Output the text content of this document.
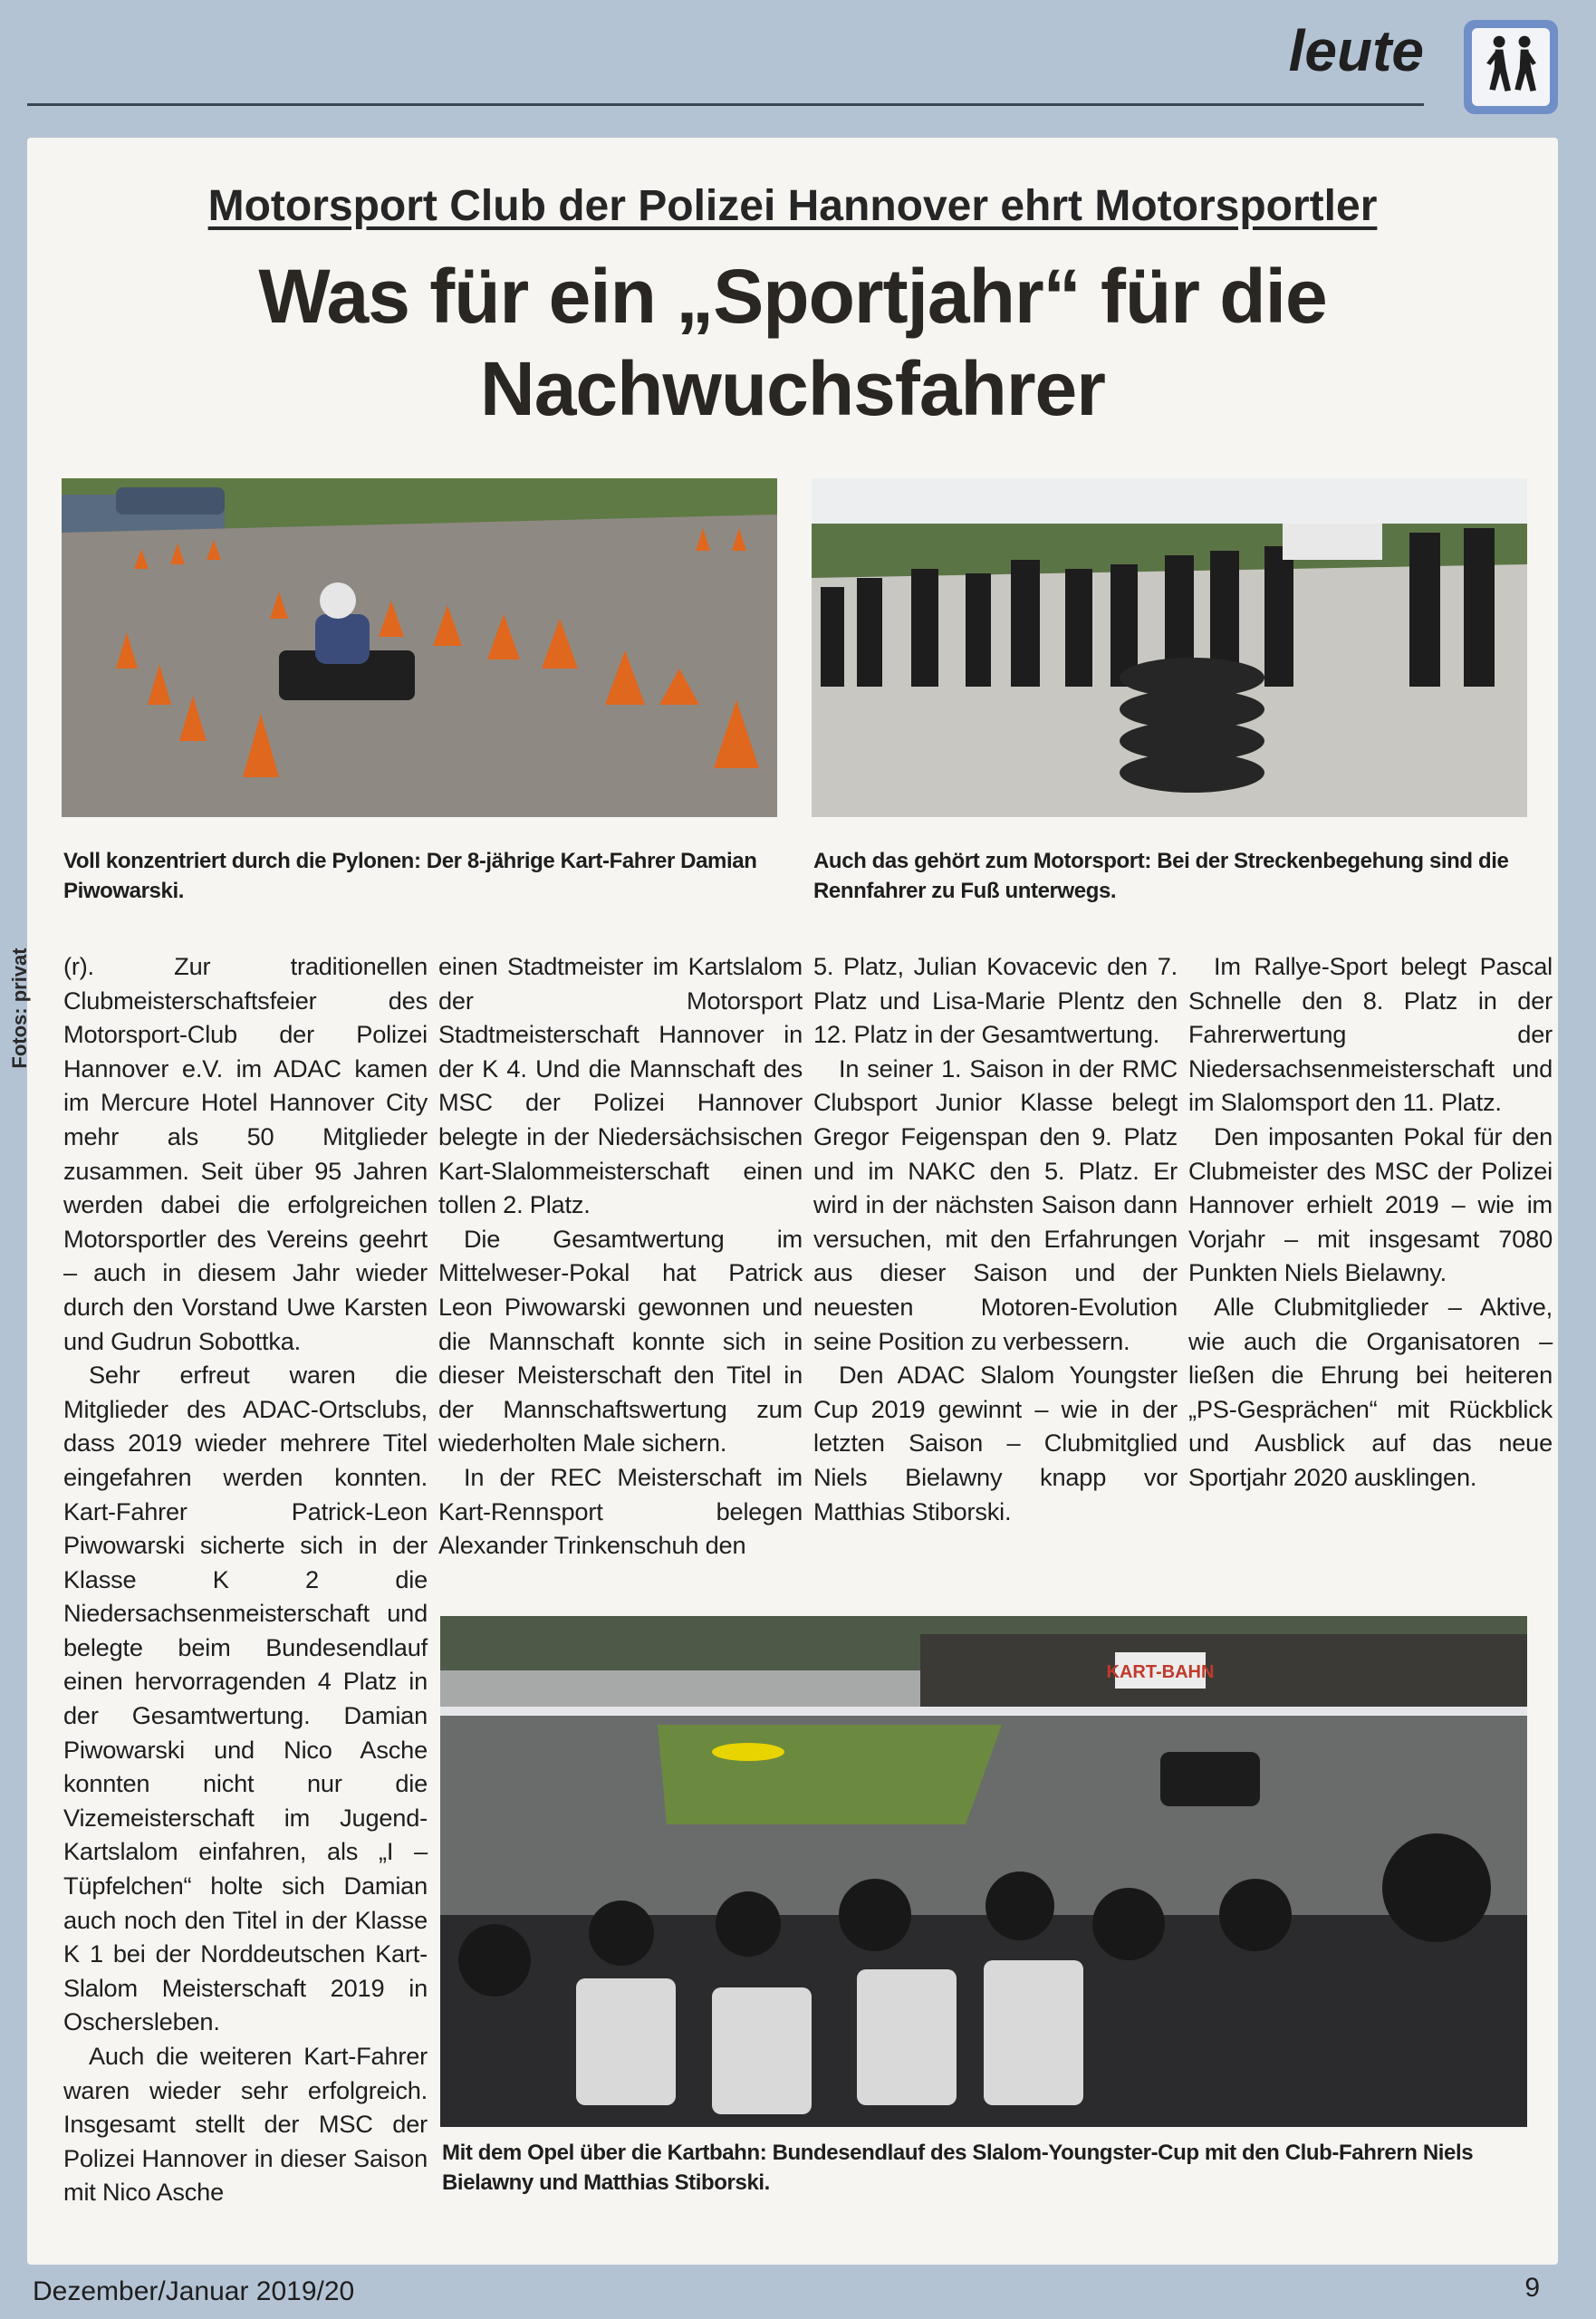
leute
Motorsport Club der Polizei Hannover ehrt Motorsportler
Was für ein „Sportjahr“ für die Nachwuchsfahrer
Voll konzentriert durch die Pylonen: Der 8-jährige Kart-Fahrer Damian Piwowarski.
Auch das gehört zum Motorsport: Bei der Streckenbegehung sind die Rennfahrer zu Fuß unterwegs.

(r). Zur traditionellen Clubmeisterschaftsfeier des Motorsport-Club der Polizei Hannover e.V. im ADAC kamen im Mercure Hotel Hannover City mehr als 50 Mitglieder zusammen. Seit über 95 Jahren werden dabei die erfolgreichen Motorsportler des Vereins geehrt – auch in diesem Jahr wieder durch den Vorstand Uwe Karsten und Gudrun Sobottka.

Sehr erfreut waren die Mitglieder des ADAC-Ortsclubs, dass 2019 wieder mehrere Titel eingefahren werden konnten. Kart-Fahrer Patrick-Leon Piwowarski sicherte sich in der Klasse K 2 die Niedersachsenmeisterschaft und belegte beim Bundesendlauf einen hervorragenden 4 Platz in der Gesamtwertung. Damian Piwowarski und Nico Asche konnten nicht nur die Vizemeisterschaft im Jugend-Kartslalom einfahren, als „I – Tüpfelchen“ holte sich Damian auch noch den Titel in der Klasse K 1 bei der Norddeutschen Kart-Slalom Meisterschaft 2019 in Oschersleben.

Auch die weiteren Kart-Fahrer waren wieder sehr erfolgreich. Insgesamt stellt der MSC der Polizei Hannover in dieser Saison mit Nico Asche

einen Stadtmeister im Kartslalom der Motorsport Stadtmeisterschaft Hannover in der K 4. Und die Mannschaft des MSC der Polizei Hannover belegte in der Niedersächsischen Kart-Slalommeisterschaft einen tollen 2. Platz.

Die Gesamtwertung im Mittelweser-Pokal hat Patrick Leon Piwowarski gewonnen und die Mannschaft konnte sich in dieser Meisterschaft den Titel in der Mannschaftswertung zum wiederholten Male sichern.

In der REC Meisterschaft im Kart-Rennsport belegen Alexander Trinkenschuh den

5. Platz, Julian Kovacevic den 7. Platz und Lisa-Marie Plentz den 12. Platz in der Gesamtwertung.

In seiner 1. Saison in der RMC Clubsport Junior Klasse belegt Gregor Feigenspan den 9. Platz und im NAKC den 5. Platz. Er wird in der nächsten Saison dann versuchen, mit den Erfahrungen aus dieser Saison und der neuesten Motoren-Evolution seine Position zu verbessern.

Den ADAC Slalom Youngster Cup 2019 gewinnt – wie in der letzten Saison – Clubmitglied Niels Bielawny knapp vor Matthias Stiborski.

Im Rallye-Sport belegt Pascal Schnelle den 8. Platz in der Fahrerwertung der Niedersachsenmeisterschaft und im Slalomsport den 11. Platz.

Den imposanten Pokal für den Clubmeister des MSC der Polizei Hannover erhielt 2019 – wie im Vorjahr – mit insgesamt 7080 Punkten Niels Bielawny.

Alle Clubmitglieder – Aktive, wie auch die Organisatoren – ließen die Ehrung bei heiteren „PS-Gesprächen“ mit Rückblick und Ausblick auf das neue Sportjahr 2020 ausklingen.

KART-BAHN
Mit dem Opel über die Kartbahn: Bundesendlauf des Slalom-Youngster-Cup mit den Club-Fahrern Niels Bielawny und Matthias Stiborski.
Fotos: privat
Dezember/Januar 2019/20	9
